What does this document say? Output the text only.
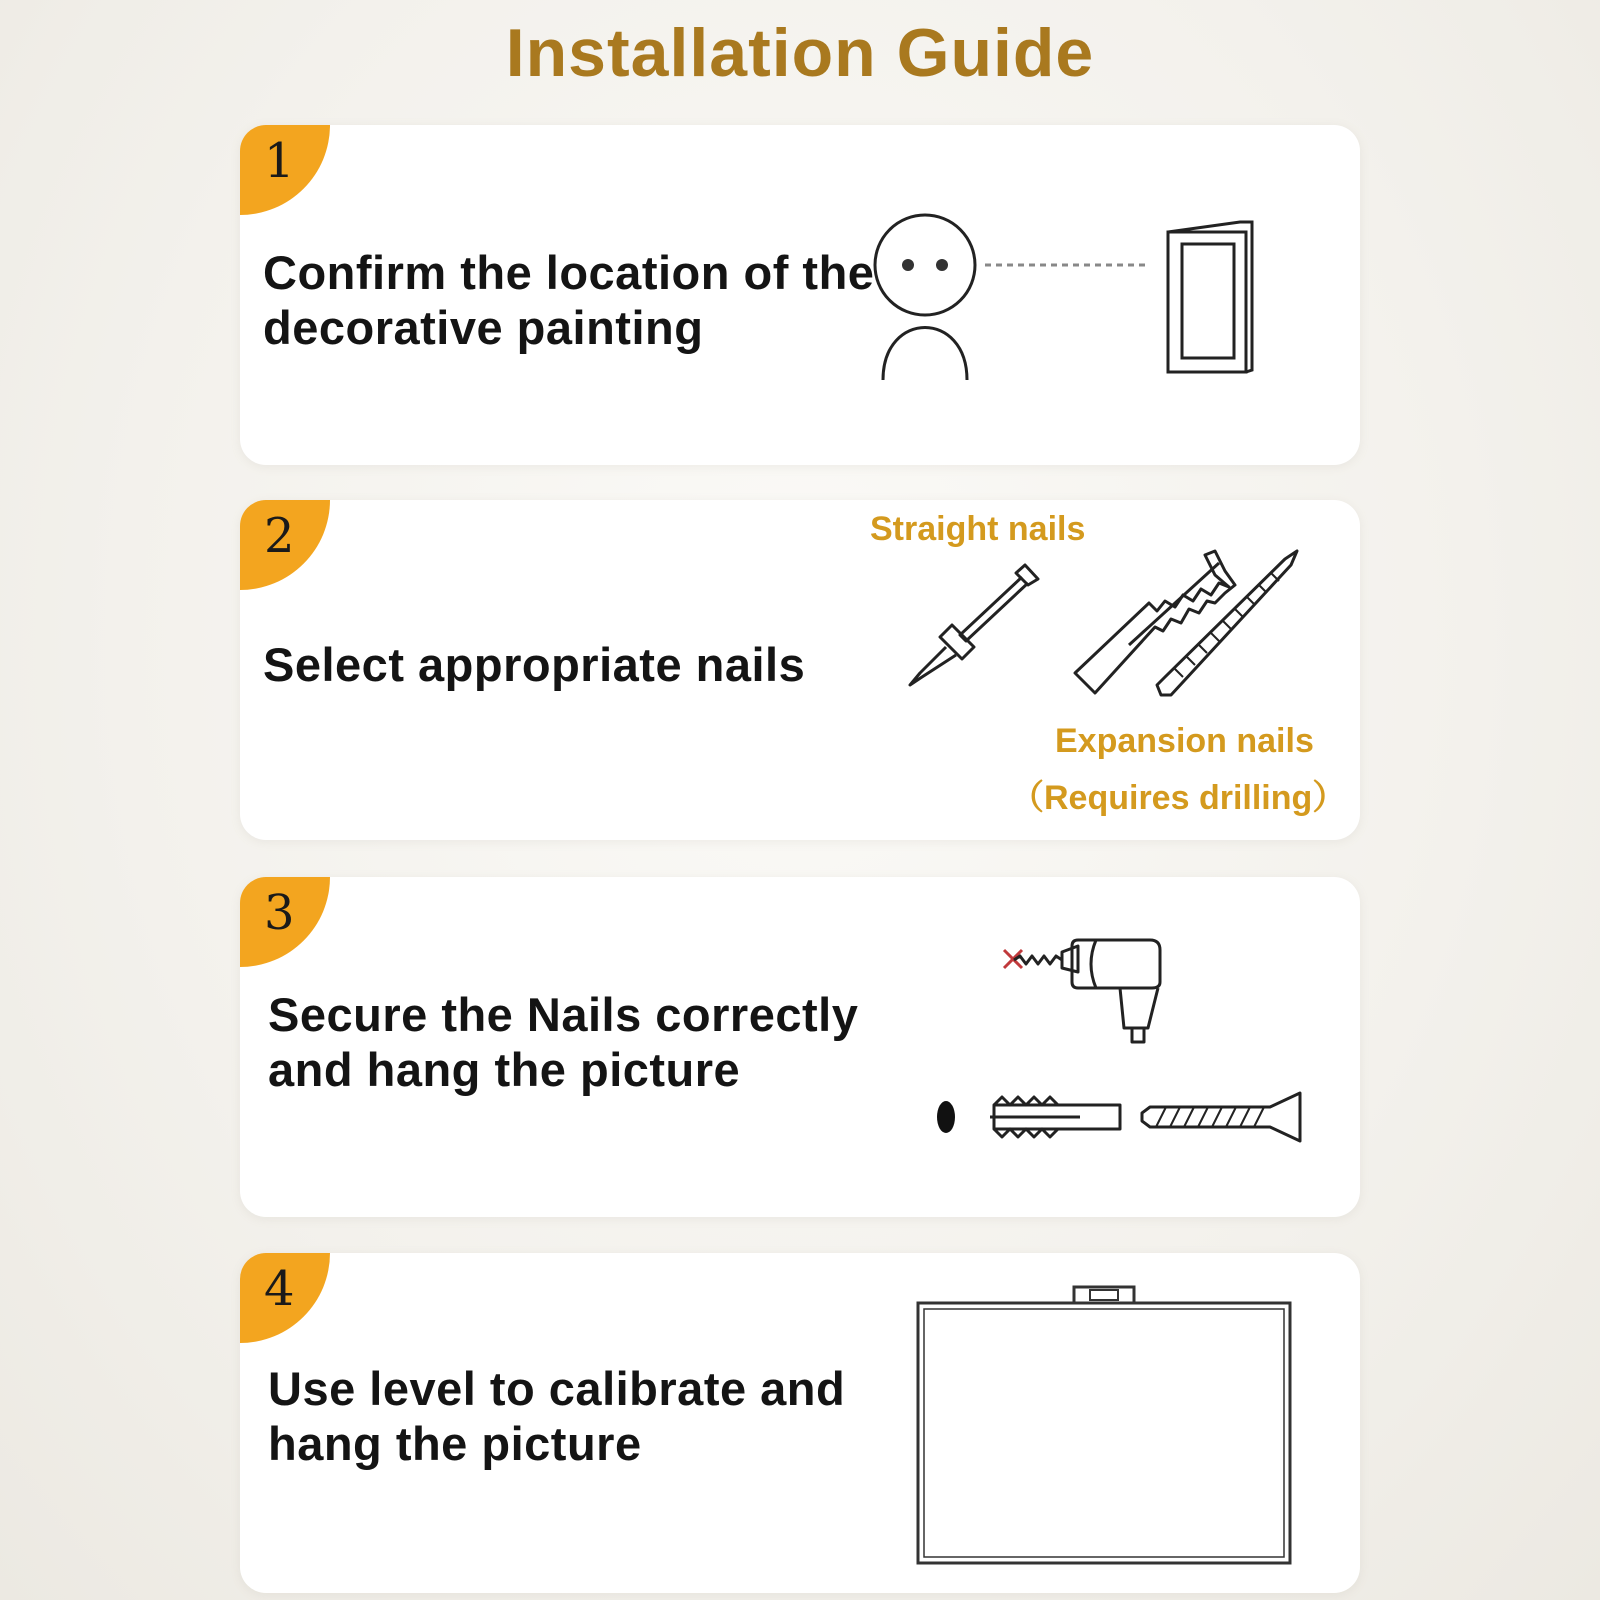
Installation Guide
1

Confirm the location of the
decorative painting

2

Select appropriate nails

Straight nails
Expansion nails
（Requires drilling）
3

Secure the Nails correctly
and hang the picture

4

Use level to calibrate and
hang the picture
